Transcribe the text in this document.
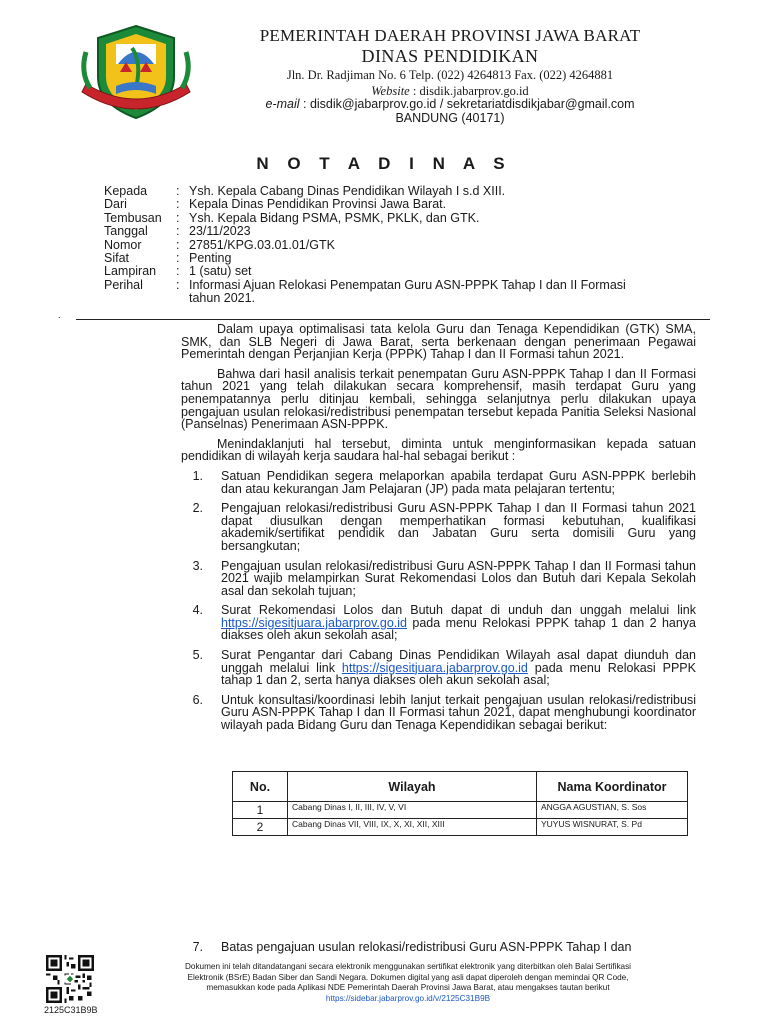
PEMERINTAH DAERAH PROVINSI JAWA BARAT
DINAS PENDIDIKAN
Jln. Dr. Radjiman No. 6 Telp. (022) 4264813 Fax. (022) 4264881
Website : disdik.jabarprov.go.id
e-mail : disdik@jabarprov.go.id / sekretariatdisdikjabar@gmail.com
BANDUNG (40171)
N O T A D I N A S
Kepada	: Ysh. Kepala Cabang Dinas Pendidikan Wilayah I s.d XIII.
Dari	: Kepala Dinas Pendidikan Provinsi Jawa Barat.
Tembusan	: Ysh. Kepala Bidang PSMA, PSMK, PKLK, dan GTK.
Tanggal	: 23/11/2023
Nomor	: 27851/KPG.03.01.01/GTK
Sifat	: Penting
Lampiran	: 1 (satu) set
Perihal	: Informasi Ajuan Relokasi Penempatan Guru ASN-PPPK Tahap I dan II Formasi tahun 2021.
.

Dalam upaya optimalisasi tata kelola Guru dan Tenaga Kependidikan (GTK) SMA, SMK, dan SLB Negeri di Jawa Barat, serta berkenaan dengan penerimaan Pegawai Pemerintah dengan Perjanjian Kerja (PPPK) Tahap I dan II Formasi tahun 2021.

Bahwa dari hasil analisis terkait penempatan Guru ASN-PPPK Tahap I dan II Formasi tahun 2021 yang telah dilakukan secara komprehensif, masih terdapat Guru yang penempatannya perlu ditinjau kembali, sehingga selanjutnya perlu dilakukan upaya pengajuan usulan relokasi/redistribusi penempatan tersebut kepada Panitia Seleksi Nasional (Panselnas) Penerimaan ASN-PPPK.

Menindaklanjuti hal tersebut, diminta untuk menginformasikan kepada satuan pendidikan di wilayah kerja saudara hal-hal sebagai berikut :

1.	Satuan Pendidikan segera melaporkan apabila terdapat Guru ASN-PPPK berlebih dan atau kekurangan Jam Pelajaran (JP) pada mata pelajaran tertentu;
2.	Pengajuan relokasi/redistribusi Guru ASN-PPPK Tahap I dan II Formasi tahun 2021 dapat diusulkan dengan memperhatikan formasi kebutuhan, kualifikasi akademik/sertifikat pendidik dan Jabatan Guru serta domisili Guru yang bersangkutan;
3.	Pengajuan usulan relokasi/redistribusi Guru ASN-PPPK Tahap I dan II Formasi tahun 2021 wajib melampirkan Surat Rekomendasi Lolos dan Butuh dari Kepala Sekolah asal dan sekolah tujuan;
4.	Surat Rekomendasi Lolos dan Butuh dapat di unduh dan unggah melalui link https://sigesitjuara.jabarprov.go.id pada menu Relokasi PPPK tahap 1 dan 2 hanya diakses oleh akun sekolah asal;
5.	Surat Pengantar dari Cabang Dinas Pendidikan Wilayah asal dapat diunduh dan unggah melalui link https://sigesitjuara.jabarprov.go.id pada menu Relokasi PPPK tahap 1 dan 2, serta hanya diakses oleh akun sekolah asal;
6.	Untuk konsultasi/koordinasi lebih lanjut terkait pengajuan usulan relokasi/redistribusi Guru ASN-PPPK Tahap I dan II Formasi tahun 2021, dapat menghubungi koordinator wilayah pada Bidang Guru dan Tenaga Kependidikan sebagai berikut:
No.	Wilayah	Nama Koordinator
1	Cabang Dinas I, II, III, IV, V, VI	ANGGA AGUSTIAN, S. Sos
2	Cabang Dinas VII, VIII, IX, X, XI, XII, XIII	YUYUS WISNURAT, S. Pd
7.	Batas pengajuan usulan relokasi/redistribusi Guru ASN-PPPK Tahap I dan
2125C31B9B
Dokumen ini telah ditandatangani secara elektronik menggunakan sertifikat elektronik yang diterbitkan oleh Balai Sertifikasi
Elektronik (BSrE) Badan Siber dan Sandi Negara. Dokumen digital yang asli dapat diperoleh dengan memindai QR Code,
memasukkan kode pada Aplikasi NDE Pemerintah Daerah Provinsi Jawa Barat, atau mengakses tautan berikut
https://sidebar.jabarprov.go.id/v/2125C31B9B
